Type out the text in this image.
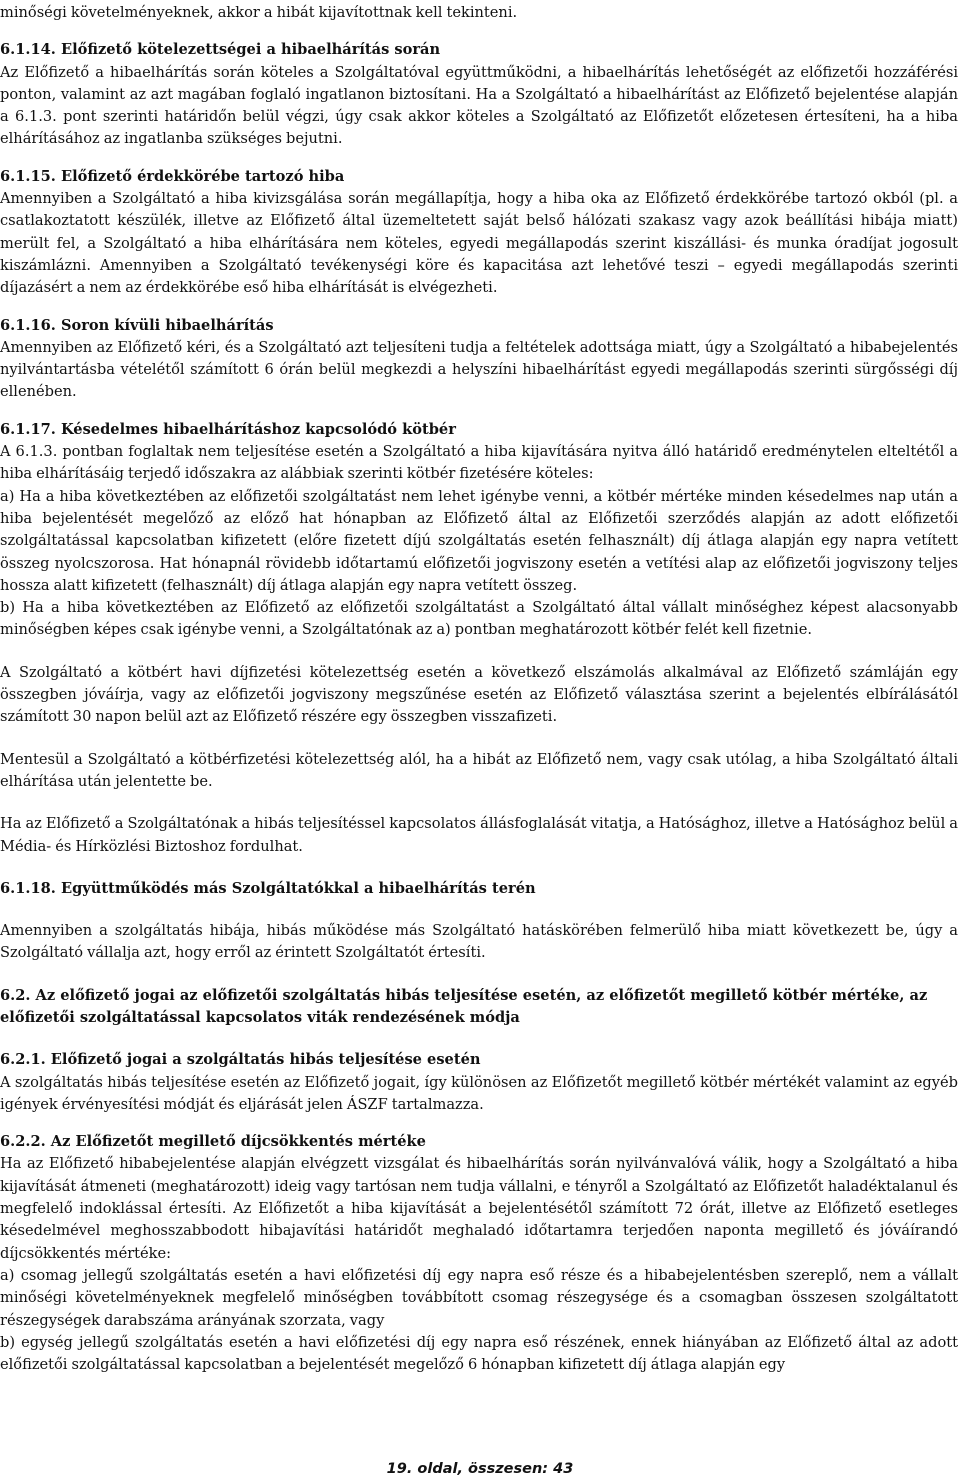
minőségi követelményeknek, akkor a hibát kijavítottnak kell tekinteni.

6.1.14. Előfizető kötelezettségei a hibaelhárítás során

Az Előfizető a hibaelhárítás során köteles a Szolgáltatóval együttműködni, a hibaelhárítás lehetőségét az előfizetői hozzáférési ponton, valamint az azt magában foglaló ingatlanon biztosítani. Ha a Szolgáltató a hibaelhárítást az Előfizető bejelentése alapján a 6.1.3. pont szerinti határidőn belül végzi, úgy csak akkor köteles a Szolgáltató az Előfizetőt előzetesen értesíteni, ha a hiba elhárításához az ingatlanba szükséges bejutni.

6.1.15. Előfizető érdekkörébe tartozó hiba

Amennyiben a Szolgáltató a hiba kivizsgálása során megállapítja, hogy a hiba oka az Előfizető érdekkörébe tartozó okból (pl. a csatlakoztatott készülék, illetve az Előfizető által üzemeltetett saját belső hálózati szakasz vagy azok beállítási hibája miatt) merült fel, a Szolgáltató a hiba elhárítására nem köteles, egyedi megállapodás szerint kiszállási- és munka óradíjat jogosult kiszámlázni. Amennyiben a Szolgáltató tevékenységi köre és kapacitása azt lehetővé teszi – egyedi megállapodás szerinti díjazásért a nem az érdekkörébe eső hiba elhárítását is elvégezheti.

6.1.16. Soron kívüli hibaelhárítás

Amennyiben az Előfizető kéri, és a Szolgáltató azt teljesíteni tudja a feltételek adottsága miatt, úgy a Szolgáltató a hibabejelentés nyilvántartásba vételétől számított 6 órán belül megkezdi a helyszíni hibaelhárítást egyedi megállapodás szerinti sürgősségi díj ellenében.

6.1.17. Késedelmes hibaelhárításhoz kapcsolódó kötbér

A 6.1.3. pontban foglaltak nem teljesítése esetén a Szolgáltató a hiba kijavítására nyitva álló határidő eredménytelen elteltétől a hiba elhárításáig terjedő időszakra az alábbiak szerinti kötbér fizetésére köteles:

a) Ha a hiba következtében az előfizetői szolgáltatást nem lehet igénybe venni, a kötbér mértéke minden késedelmes nap után a hiba bejelentését megelőző az előző hat hónapban az Előfizető által az Előfizetői szerződés alapján az adott előfizetői szolgáltatással kapcsolatban kifizetett (előre fizetett díjú szolgáltatás esetén felhasznált) díj átlaga alapján egy napra vetített összeg nyolcszorosa. Hat hónapnál rövidebb időtartamú előfizetői jogviszony esetén a vetítési alap az előfizetői jogviszony teljes hossza alatt kifizetett (felhasznált) díj átlaga alapján egy napra vetített összeg.

b) Ha a hiba következtében az Előfizető az előfizetői szolgáltatást a Szolgáltató által vállalt minőséghez képest alacsonyabb minőségben képes csak igénybe venni, a Szolgáltatónak az a) pontban meghatározott kötbér felét kell fizetnie.

A Szolgáltató a kötbért havi díjfizetési kötelezettség esetén a következő elszámolás alkalmával az Előfizető számláján egy összegben jóváírja, vagy az előfizetői jogviszony megszűnése esetén az Előfizető választása szerint a bejelentés elbírálásától számított 30 napon belül azt az Előfizető részére egy összegben visszafizeti.

Mentesül a Szolgáltató a kötbérfizetési kötelezettség alól, ha a hibát az Előfizető nem, vagy csak utólag, a hiba Szolgáltató általi elhárítása után jelentette be.

Ha az Előfizető a Szolgáltatónak a hibás teljesítéssel kapcsolatos állásfoglalását vitatja, a Hatósághoz, illetve a Hatósághoz belül a Média- és Hírközlési Biztoshoz fordulhat.

6.1.18. Együttműködés más Szolgáltatókkal a hibaelhárítás terén

Amennyiben a szolgáltatás hibája, hibás működése más Szolgáltató hatáskörében felmerülő hiba miatt következett be, úgy a Szolgáltató vállalja azt, hogy erről az érintett Szolgáltatót értesíti.

6.2. Az előfizető jogai az előfizetői szolgáltatás hibás teljesítése esetén, az előfizetőt megillető kötbér mértéke, az előfizetői szolgáltatással kapcsolatos viták rendezésének módja
6.2.1. Előfizető jogai a szolgáltatás hibás teljesítése esetén

A szolgáltatás hibás teljesítése esetén az Előfizető jogait, így különösen az Előfizetőt megillető kötbér mértékét valamint az egyéb igények érvényesítési módját és eljárását jelen ÁSZF tartalmazza.

6.2.2. Az Előfizetőt megillető díjcsökkentés mértéke

Ha az Előfizető hibabejelentése alapján elvégzett vizsgálat és hibaelhárítás során nyilvánvalóvá válik, hogy a Szolgáltató a hiba kijavítását átmeneti (meghatározott) ideig vagy tartósan nem tudja vállalni, e tényről a Szolgáltató az Előfizetőt haladéktalanul és megfelelő indoklással értesíti. Az Előfizetőt a hiba kijavítását a bejelentésétől számított 72 órát, illetve az Előfizető esetleges késedelmével meghosszabbodott hibajavítási határidőt meghaladó időtartamra terjedően naponta megillető és jóváírandó díjcsökkentés mértéke:

a) csomag jellegű szolgáltatás esetén a havi előfizetési díj egy napra eső része és a hibabejelentésben szereplő, nem a vállalt minőségi követelményeknek megfelelő minőségben továbbított csomag részegysége és a csomagban összesen szolgáltatott részegységek darabszáma arányának szorzata, vagy

b) egység jellegű szolgáltatás esetén a havi előfizetési díj egy napra eső részének, ennek hiányában az Előfizető által az adott előfizetői szolgáltatással kapcsolatban a bejelentését megelőző 6 hónapban kifizetett díj átlaga alapján egy

19. oldal, összesen: 43
